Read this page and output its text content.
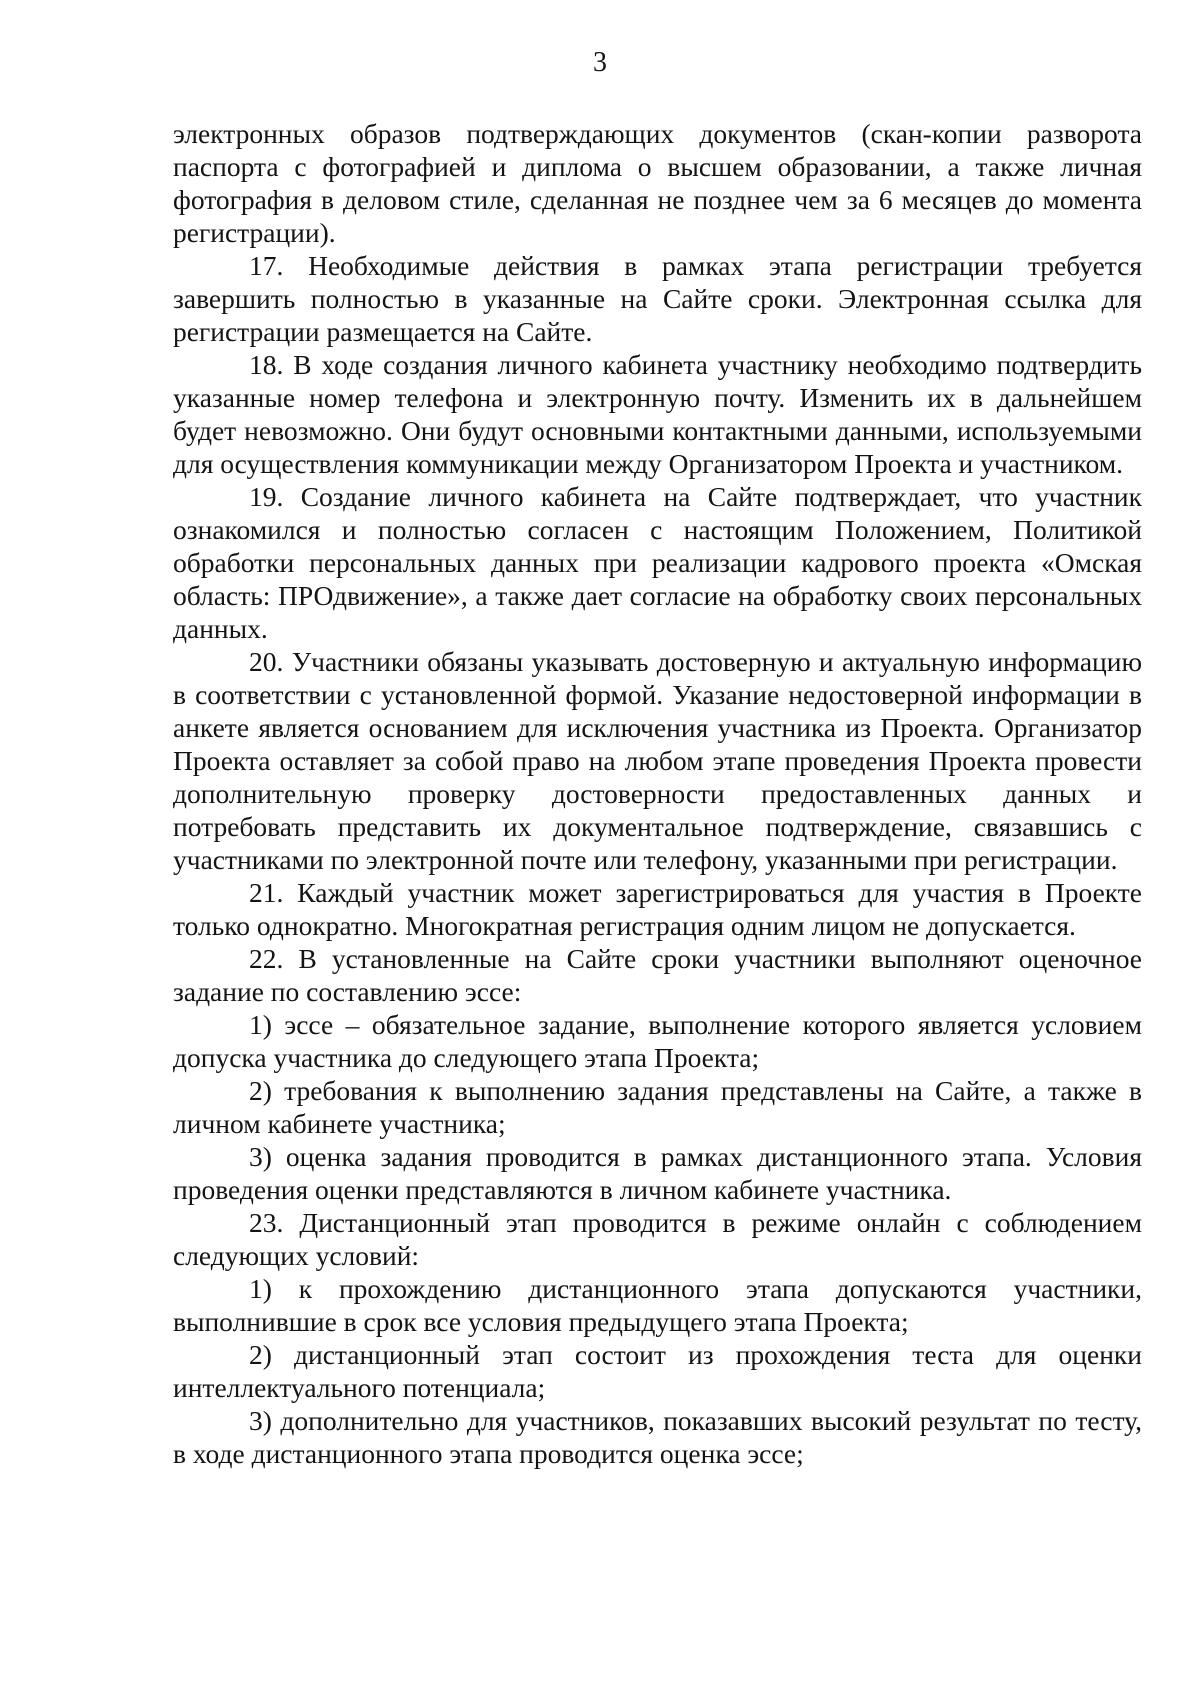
3

электронных образов подтверждающих документов (скан-копии разворота паспорта с фотографией и диплома о высшем образовании, а также личная фотография в деловом стиле, сделанная не позднее чем за 6 месяцев до момента регистрации).

17. Необходимые действия в рамках этапа регистрации требуется завершить полностью в указанные на Сайте сроки. Электронная ссылка для регистрации размещается на Сайте.

18. В ходе создания личного кабинета участнику необходимо подтвердить указанные номер телефона и электронную почту. Изменить их в дальнейшем будет невозможно. Они будут основными контактными данными, используемыми для осуществления коммуникации между Организатором Проекта и участником.

19. Создание личного кабинета на Сайте подтверждает, что участник ознакомился и полностью согласен с настоящим Положением, Политикой обработки персональных данных при реализации кадрового проекта «Омская область: ПРОдвижение», а также дает согласие на обработку своих персональных данных.

20. Участники обязаны указывать достоверную и актуальную информацию в соответствии с установленной формой. Указание недостоверной информации в анкете является основанием для исключения участника из Проекта. Организатор Проекта оставляет за собой право на любом этапе проведения Проекта провести дополнительную проверку достоверности предоставленных данных и потребовать представить их документальное подтверждение, связавшись с участниками по электронной почте или телефону, указанными при регистрации.

21. Каждый участник может зарегистрироваться для участия в Проекте только однократно. Многократная регистрация одним лицом не допускается.

22. В установленные на Сайте сроки участники выполняют оценочное задание по составлению эссе:

1) эссе – обязательное задание, выполнение которого является условием допуска участника до следующего этапа Проекта;

2) требования к выполнению задания представлены на Сайте, а также в личном кабинете участника;

3) оценка задания проводится в рамках дистанционного этапа. Условия проведения оценки представляются в личном кабинете участника.

23. Дистанционный этап проводится в режиме онлайн с соблюдением следующих условий:

1) к прохождению дистанционного этапа допускаются участники, выполнившие в срок все условия предыдущего этапа Проекта;

2) дистанционный этап состоит из прохождения теста для оценки интеллектуального потенциала;

3) дополнительно для участников, показавших высокий результат по тесту, в ходе дистанционного этапа проводится оценка эссе;
